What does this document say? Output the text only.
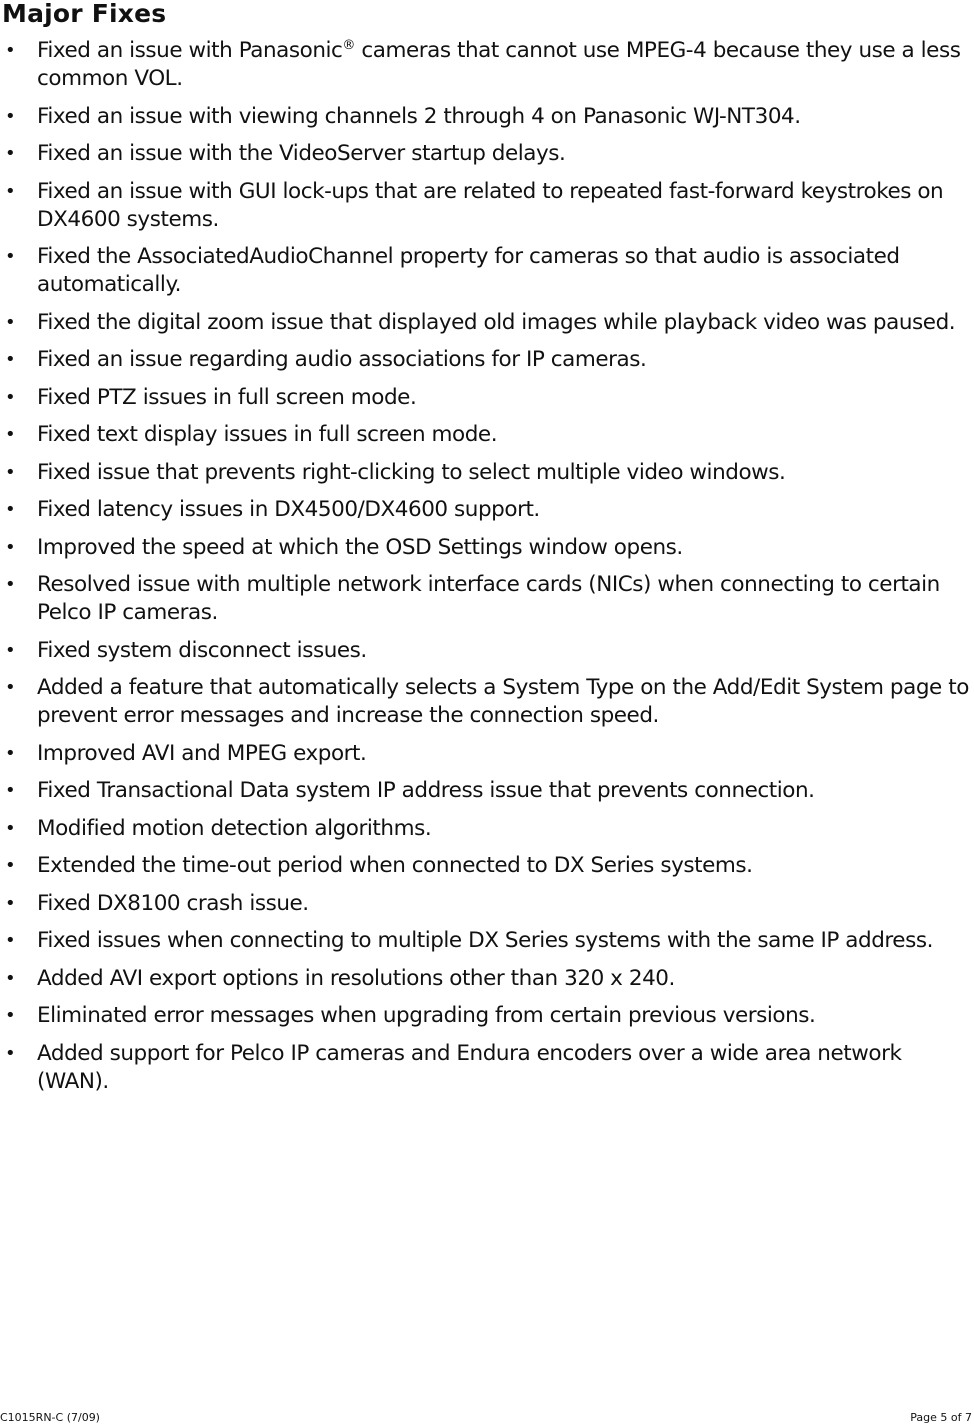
Major Fixes
• Fixed an issue with Panasonic® cameras that cannot use MPEG-4 because they use a less common VOL.
• Fixed an issue with viewing channels 2 through 4 on Panasonic WJ-NT304.
• Fixed an issue with the VideoServer startup delays.
• Fixed an issue with GUI lock-ups that are related to repeated fast-forward keystrokes on DX4600 systems.
• Fixed the AssociatedAudioChannel property for cameras so that audio is associated automatically.
• Fixed the digital zoom issue that displayed old images while playback video was paused.
• Fixed an issue regarding audio associations for IP cameras.
• Fixed PTZ issues in full screen mode.
• Fixed text display issues in full screen mode.
• Fixed issue that prevents right-clicking to select multiple video windows.
• Fixed latency issues in DX4500/DX4600 support.
• Improved the speed at which the OSD Settings window opens.
• Resolved issue with multiple network interface cards (NICs) when connecting to certain Pelco IP cameras.
• Fixed system disconnect issues.
• Added a feature that automatically selects a System Type on the Add/Edit System page to prevent error messages and increase the connection speed.
• Improved AVI and MPEG export.
• Fixed Transactional Data system IP address issue that prevents connection.
• Modified motion detection algorithms.
• Extended the time-out period when connected to DX Series systems.
• Fixed DX8100 crash issue.
• Fixed issues when connecting to multiple DX Series systems with the same IP address.
• Added AVI export options in resolutions other than 320 x 240.
• Eliminated error messages when upgrading from certain previous versions.
• Added support for Pelco IP cameras and Endura encoders over a wide area network (WAN).
C1015RN-C (7/09)	Page 5 of 7
